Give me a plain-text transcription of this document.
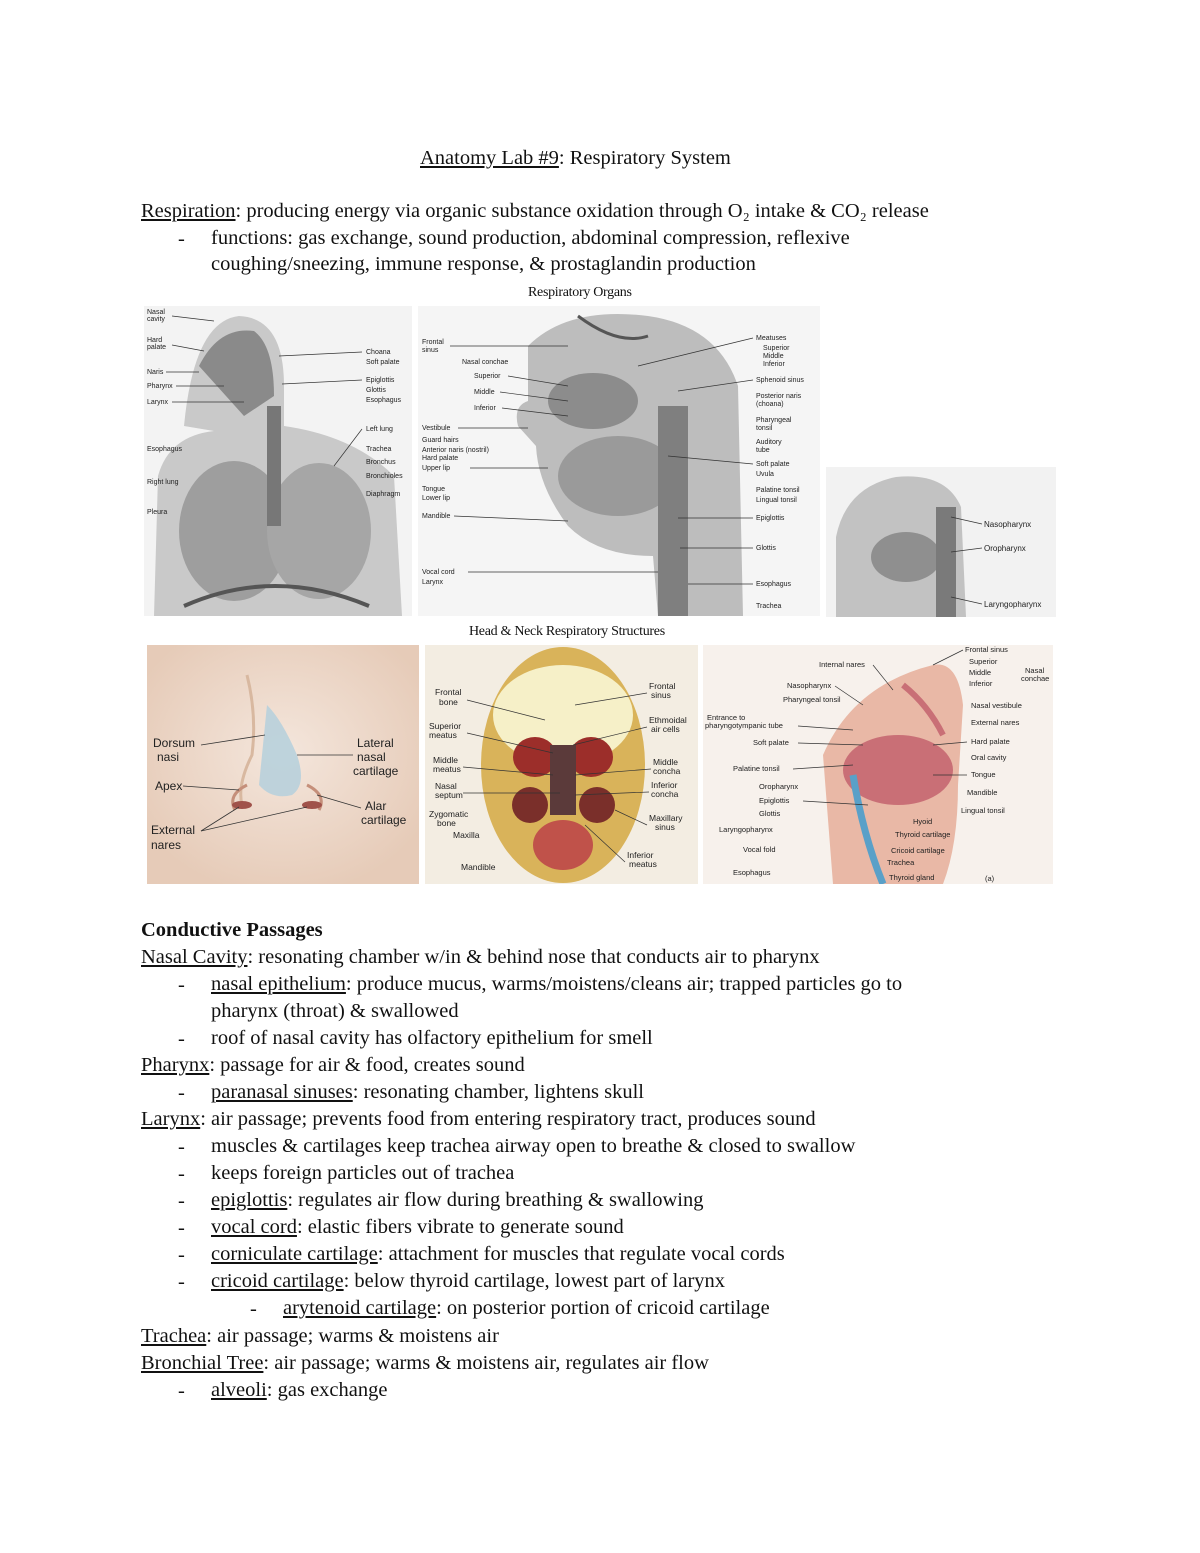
Anatomy Lab #9: Respiratory System
Respiration: producing energy via organic substance oxidation through O₂ intake & CO₂ release
- functions: gas exchange, sound production, abdominal compression, reflexive
coughing/sneezing, immune response, & prostaglandin production
Respiratory Organs
Nasal
cavity
Hard
palate
Naris
Pharynx
Larynx
Esophagus
Right lung
Pleura
Choana
Soft palate
Epiglottis
Glottis
Esophagus
Left lung
Trachea
Bronchus
Bronchioles
Diaphragm
Frontal
sinus
Nasal conchae
Superior
Middle
Inferior
Vestibule
Guard hairs
Anterior naris (nostril)
Hard palate
Upper lip
Tongue
Lower lip
Mandible
Vocal cord
Larynx
Meatuses
Superior
Middle
Inferior
Sphenoid sinus
Posterior naris
(choana)
Pharyngeal
tonsil
Auditory
tube
Soft palate
Uvula
Palatine tonsil
Lingual tonsil
Epiglottis
Glottis
Esophagus
Trachea
Nasopharynx
Oropharynx
Laryngopharynx
Head & Neck Respiratory Structures
Dorsum
nasi
Apex
External
nares
Lateral
nasal
cartilage
Alar
cartilage
Frontal
bone
Superior
meatus
Middle
meatus
Nasal
septum
Zygomatic
bone
Maxilla
Mandible
Frontal
sinus
Ethmoidal
air cells
Middle
concha
Inferior
concha
Maxillary
sinus
Inferior
meatus
Internal nares
Nasopharynx
Pharyngeal tonsil
Entrance to
pharyngotympanic tube
Soft palate
Palatine tonsil
Oropharynx
Epiglottis
Glottis
Laryngopharynx
Vocal fold
Esophagus
Frontal sinus
Superior
Middle
Inferior
Nasal
conchae
Nasal vestibule
External nares
Hard palate
Oral cavity
Tongue
Mandible
Lingual tonsil
Hyoid
Thyroid cartilage
Cricoid cartilage
Trachea
Thyroid gland	(a)
Conductive Passages
Nasal Cavity: resonating chamber w/in & behind nose that conducts air to pharynx
- nasal epithelium: produce mucus, warms/moistens/cleans air; trapped particles go to
pharynx (throat) & swallowed
- roof of nasal cavity has olfactory epithelium for smell
Pharynx: passage for air & food, creates sound
- paranasal sinuses: resonating chamber, lightens skull
Larynx: air passage; prevents food from entering respiratory tract, produces sound
- muscles & cartilages keep trachea airway open to breathe & closed to swallow
- keeps foreign particles out of trachea
- epiglottis: regulates air flow during breathing & swallowing
- vocal cord: elastic fibers vibrate to generate sound
- corniculate cartilage: attachment for muscles that regulate vocal cords
- cricoid cartilage: below thyroid cartilage, lowest part of larynx
- arytenoid cartilage: on posterior portion of cricoid cartilage
Trachea: air passage; warms & moistens air
Bronchial Tree: air passage; warms & moistens air, regulates air flow
- alveoli: gas exchange
